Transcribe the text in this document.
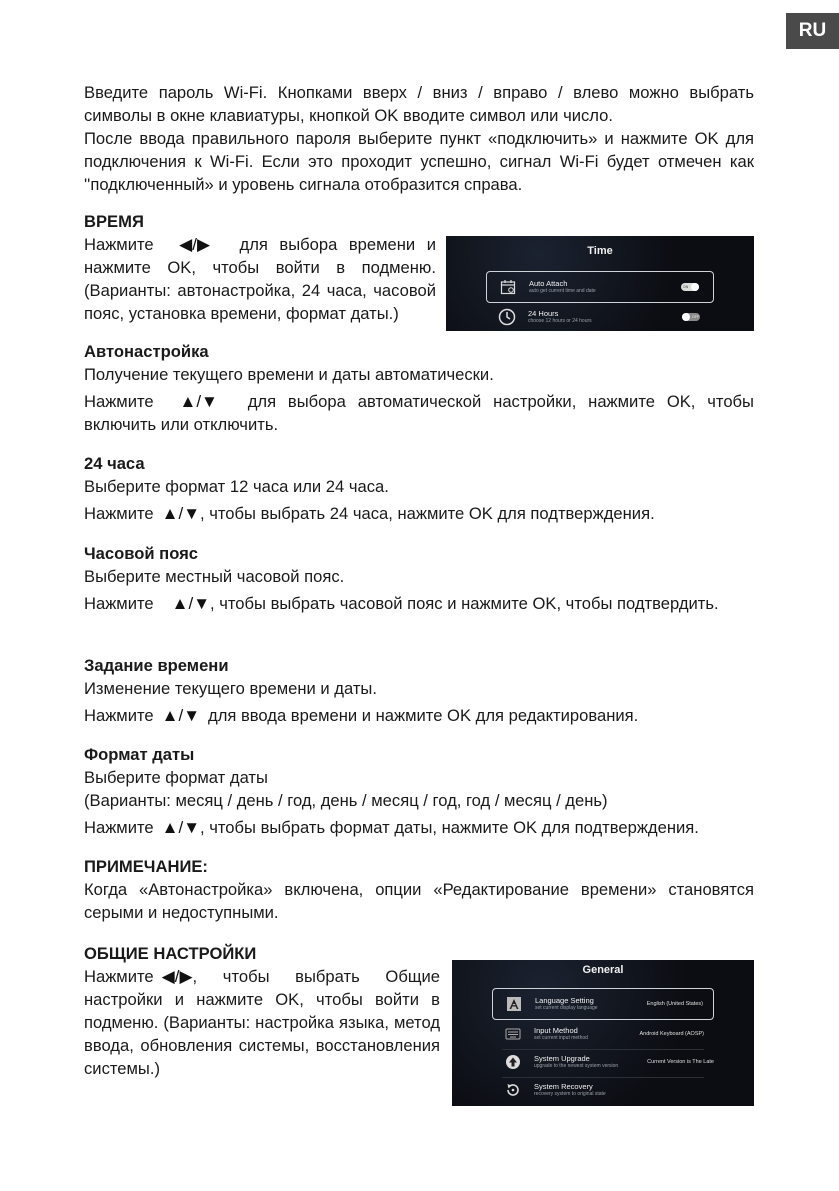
RU

Введите пароль Wi-Fi. Кнопками вверх / вниз / вправо / влево можно выбрать символы в окне клавиатуры, кнопкой OK вводите символ или число.

После ввода правильного пароля выберите пункт «подключить» и нажмите OK для подключения к Wi-Fi. Если это проходит успешно, сигнал Wi-Fi будет отмечен как ''подключенный» и уровень сигнала отобразится справа.

ВРЕМЯ

Нажмите ◀/▶ для выбора времени и нажмите OK, чтобы войти в подменю. (Варианты: автонастройка, 24 часа, часовой пояс, установка времени, формат даты.)

Time
Auto Attach
auto get current time and date
ON
24 Hours
choose 12 hours or 24 hours
OFF
Автонастройка

Получение текущего времени и даты автоматически.

Нажмите ▲/▼ для выбора автоматической настройки, нажмите OK, чтобы включить или отключить.

24 часа

Выберите формат 12 часа или 24 часа.

Нажмите ▲/▼, чтобы выбрать 24 часа, нажмите OK для подтверждения.

Часовой пояс

Выберите местный часовой пояс.

Нажмите ▲/▼, чтобы выбрать часовой пояс и нажмите OK, чтобы подтвердить.

Задание времени

Изменение текущего времени и даты.

Нажмите ▲/▼ для ввода времени и нажмите OK для редактирования.

Формат даты

Выберите формат даты

(Варианты: месяц / день / год, день / месяц / год, год / месяц / день)

Нажмите ▲/▼, чтобы выбрать формат даты, нажмите OK для подтверждения.

ПРИМЕЧАНИЕ:

Когда «Автонастройка» включена, опции «Редактирование времени» становятся серыми и недоступными.

ОБЩИЕ НАСТРОЙКИ

Нажмите ◀/▶, чтобы выбрать Общие настройки и нажмите OK, чтобы войти в подменю. (Варианты: настройка языка, метод ввода, обновления системы, восстановления системы.)

General
Language Setting
set current display language
English (United States)
Input Method
set current input method
Android Keyboard (AOSP)
System Upgrade
upgrade to the newest system version
Current Version is The Late
System Recovery
recovery system to original state
